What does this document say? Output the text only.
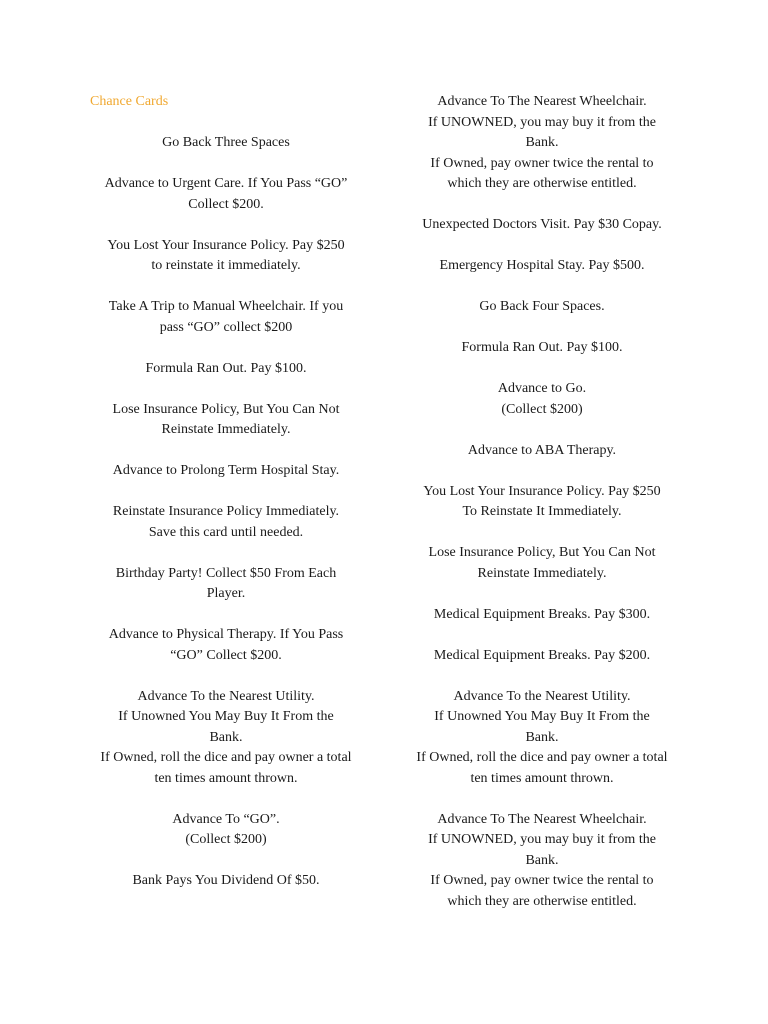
Chance Cards
Go Back Three Spaces
Advance to Urgent Care. If You Pass “GO”
Collect $200.
You Lost Your Insurance Policy. Pay $250
to reinstate it immediately.
Take A Trip to Manual Wheelchair. If you
pass “GO” collect $200
Formula Ran Out. Pay $100.
Lose Insurance Policy, But You Can Not
Reinstate Immediately.
Advance to Prolong Term Hospital Stay.
Reinstate Insurance Policy Immediately.
Save this card until needed.
Birthday Party! Collect $50 From Each
Player.
Advance to Physical Therapy. If You Pass
“GO” Collect $200.
Advance To the Nearest Utility.
If Unowned You May Buy It From the
Bank.
If Owned, roll the dice and pay owner a total
ten times amount thrown.
Advance To “GO”.
(Collect $200)
Bank Pays You Dividend Of $50.
Advance To The Nearest Wheelchair.
If UNOWNED, you may buy it from the
Bank.
If Owned, pay owner twice the rental to
which they are otherwise entitled.
Unexpected Doctors Visit. Pay $30 Copay.
Emergency Hospital Stay. Pay $500.
Go Back Four Spaces.
Formula Ran Out. Pay $100.
Advance to Go.
(Collect $200)
Advance to ABA Therapy.
You Lost Your Insurance Policy. Pay $250
To Reinstate It Immediately.
Lose Insurance Policy, But You Can Not
Reinstate Immediately.
Medical Equipment Breaks. Pay $300.
Medical Equipment Breaks. Pay $200.
Advance To the Nearest Utility.
If Unowned You May Buy It From the
Bank.
If Owned, roll the dice and pay owner a total
ten times amount thrown.
Advance To The Nearest Wheelchair.
If UNOWNED, you may buy it from the
Bank.
If Owned, pay owner twice the rental to
which they are otherwise entitled.
